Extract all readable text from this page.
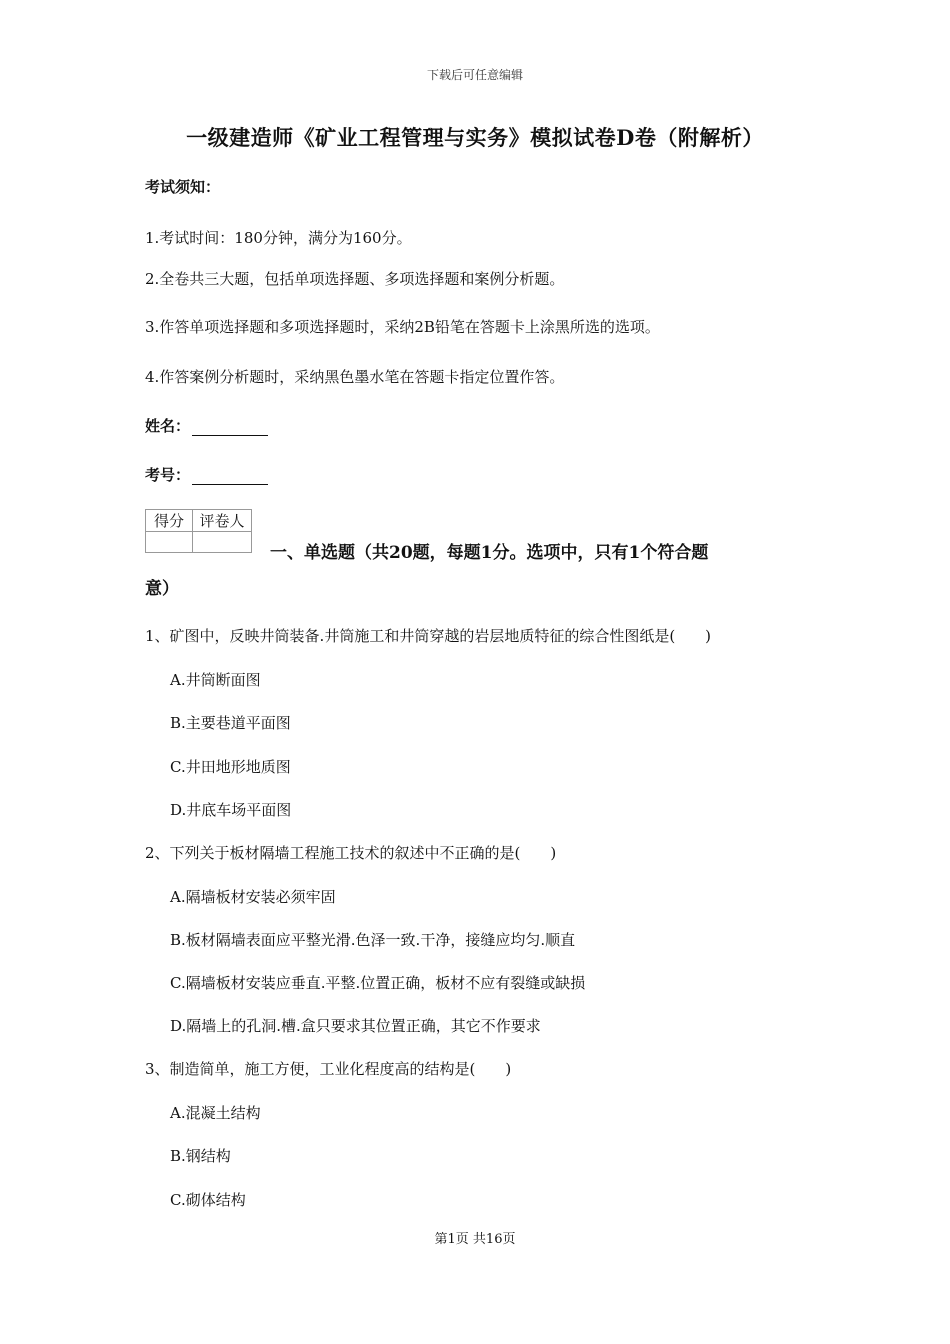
下载后可任意编辑
一级建造师《矿业工程管理与实务》模拟试卷D卷（附解析）
考试须知：
1.考试时间：180分钟，满分为160分。
2.全卷共三大题，包括单项选择题、多项选择题和案例分析题。
3.作答单项选择题和多项选择题时，采纳2B铅笔在答题卡上涂黑所选的选项。
4.作答案例分析题时，采纳黑色墨水笔在答题卡指定位置作答。
姓名：
考号：
得分	评卷人

一、单选题（共20题，每题1分。选项中，只有1个符合题
意）
1、矿图中，反映井筒装备.井筒施工和井筒穿越的岩层地质特征的综合性图纸是(　　)
A.井筒断面图
B.主要巷道平面图
C.井田地形地质图
D.井底车场平面图
2、下列关于板材隔墙工程施工技术的叙述中不正确的是(　　)
A.隔墙板材安装必须牢固
B.板材隔墙表面应平整光滑.色泽一致.干净，接缝应均匀.顺直
C.隔墙板材安装应垂直.平整.位置正确，板材不应有裂缝或缺损
D.隔墙上的孔洞.槽.盒只要求其位置正确，其它不作要求
3、制造简单，施工方便，工业化程度高的结构是(　　)
A.混凝土结构
B.钢结构
C.砌体结构
第1页 共16页
